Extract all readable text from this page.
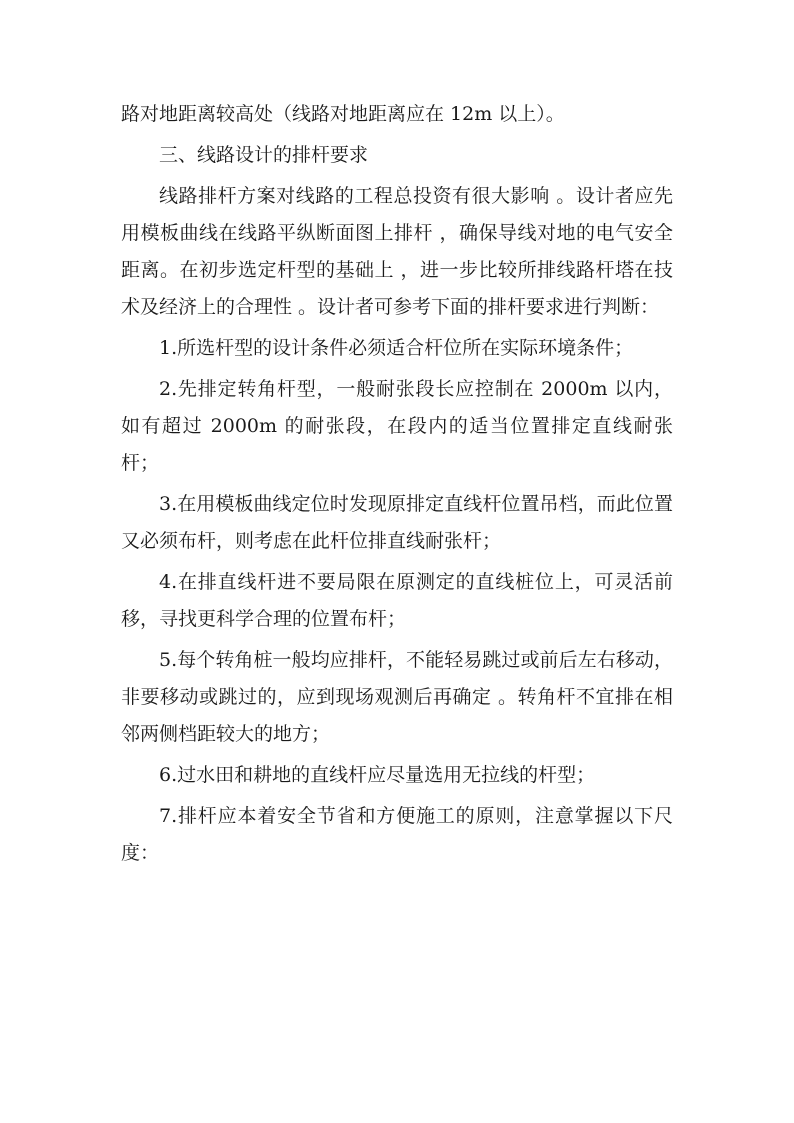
路对地距离较高处（线路对地距离应在 12m 以上）。

三、线路设计的排杆要求

线路排杆方案对线路的工程总投资有很大影响 。设计者应先用模板曲线在线路平纵断面图上排杆 ，确保导线对地的电气安全距离。在初步选定杆型的基础上 ，进一步比较所排线路杆塔在技术及经济上的合理性 。设计者可参考下面的排杆要求进行判断：

1.所选杆型的设计条件必须适合杆位所在实际环境条件；

2.先排定转角杆型，一般耐张段长应控制在 2000m 以内，如有超过 2000m 的耐张段，在段内的适当位置排定直线耐张杆；

3.在用模板曲线定位时发现原排定直线杆位置吊档，而此位置又必须布杆，则考虑在此杆位排直线耐张杆；

4.在排直线杆进不要局限在原测定的直线桩位上，可灵活前移，寻找更科学合理的位置布杆；

5.每个转角桩一般均应排杆，不能轻易跳过或前后左右移动，非要移动或跳过的，应到现场观测后再确定 。转角杆不宜排在相邻两侧档距较大的地方；

6.过水田和耕地的直线杆应尽量选用无拉线的杆型；

7.排杆应本着安全节省和方便施工的原则，注意掌握以下尺度：
